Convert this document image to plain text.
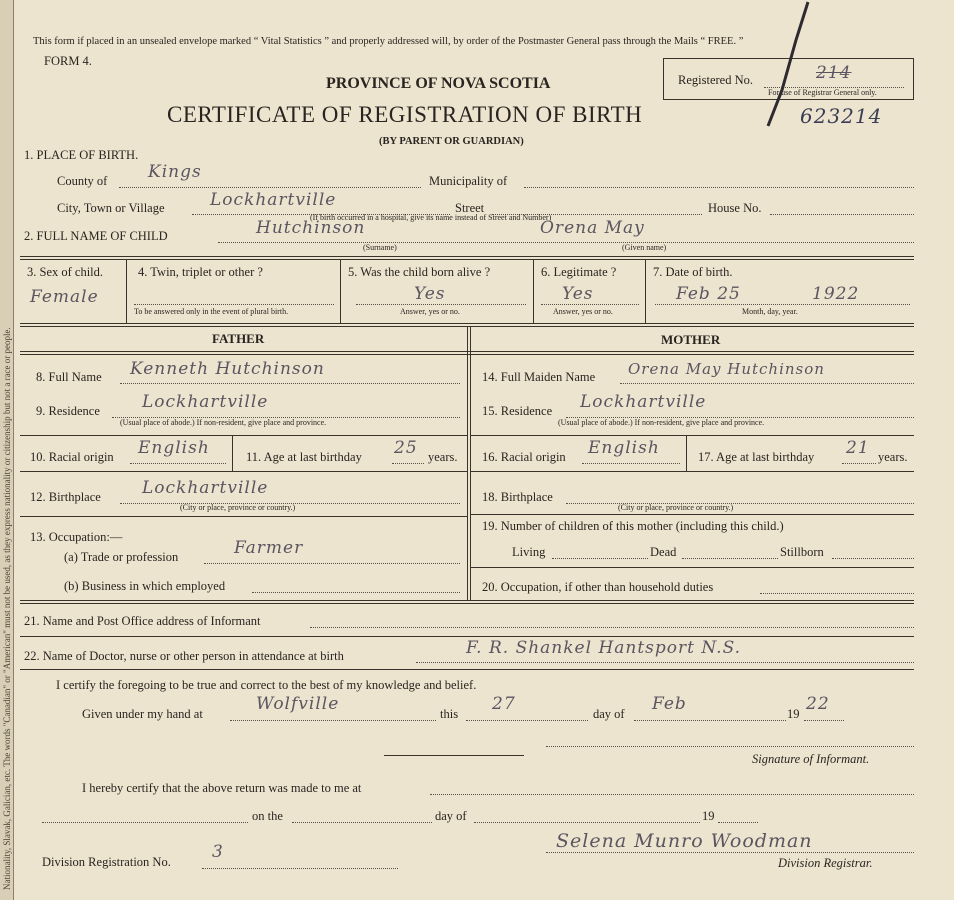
Nationality, Slavak, Galician, etc. The words "Canadian" or "American" must not be used, as they express nationality or citizenship but not a race or people.
This form if placed in an unsealed envelope marked “ Vital Statistics ” and properly addressed will, by order of the Postmaster General pass through the Mails “ FREE. ”
FORM 4.
Registered No.	214
For use of Registrar General only.
PROVINCE OF NOVA SCOTIA
CERTIFICATE OF REGISTRATION OF BIRTH	623214
(BY PARENT OR GUARDIAN)
1. PLACE OF BIRTH.
County of Kings	Municipality of
City, Town or Village	Lockhartville	Street	House No.
(If birth occurred in a hospital, give its name instead of Street and Number)
2. FULL NAME OF CHILD	Hutchinson
(Surname)
Orena May
(Given name)
3. Sex of child.
Female
4. Twin, triplet or other ?
To be answered only in the event of plural birth.
5. Was the child born alive ?
Yes
Answer, yes or no.
6. Legitimate ?
Yes
Answer, yes or no.
7. Date of birth.
Feb 25	1922
Month, day, year.
FATHER	MOTHER
8. Full Name Kenneth Hutchinson
9. Residence Lockhartville
(Usual place of abode.) If non-resident, give place and province.
10. Racial origin English	11. Age at last birthday 25 years.
12. Birthplace Lockhartville
(City or place, province or country.)
13. Occupation:—
(a) Trade or profession	Farmer
(b) Business in which employed
14. Full Maiden Name Orena May Hutchinson
15. Residence Lockhartville
(Usual place of abode.) If non-resident, give place and province.
16. Racial origin English	17. Age at last birthday 21 years.
18. Birthplace
(City or place, province or country.)
19. Number of children of this mother (including this child.)
Living	Dead	Stillborn
20. Occupation, if other than household duties
21. Name and Post Office address of Informant
22. Name of Doctor, nurse or other person in attendance at birth	F. R. Shankel Hantsport N.S.
I certify the foregoing to be true and correct to the best of my knowledge and belief.
Given under my hand at	Wolfville	this 27	day of Feb	19 22
Signature of Informant.
I hereby certify that the above return was made to me at
on the	day of	19
Division Registration No. 3	Selena Munro Woodman
Division Registrar.
